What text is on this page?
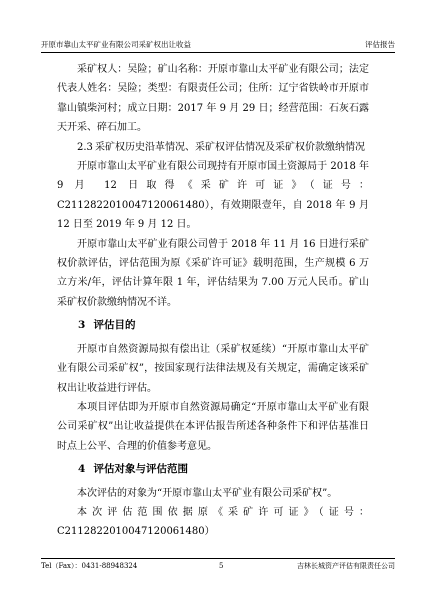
开原市靠山太平矿业有限公司采矿权出让收益	评估报告

采矿权人：吴险；矿山名称：开原市靠山太平矿业有限公司；法定代表人姓名：吴险；类型：有限责任公司；住所：辽宁省铁岭市开原市靠山镇柴河村；成立日期：2017 年 9 月 29 日；经营范围：石灰石露天开采、碎石加工。

2.3 采矿权历史沿革情况、采矿权评估情况及采矿权价款缴纳情况

开原市靠山太平矿业有限公司现持有开原市国土资源局于 2018 年 9 月 12 日取得《采矿许可证》（证号：C2112822010047120061480），有效期限壹年，自 2018 年 9 月 12 日至 2019 年 9 月 12 日。

开原市靠山太平矿业有限公司曾于 2018 年 11 月 16 日进行采矿权价款评估，评估范围为原《采矿许可证》载明范围，生产规模 6 万立方米/年，评估计算年限 1 年，评估结果为 7.00 万元人民币。矿山采矿权价款缴纳情况不详。

3 评估目的

开原市自然资源局拟有偿出让（采矿权延续）“开原市靠山太平矿业有限公司采矿权”，按国家现行法律法规及有关规定，需确定该采矿权出让收益进行评估。

本项目评估即为开原市自然资源局确定“开原市靠山太平矿业有限公司采矿权”出让收益提供在本评估报告所述各种条件下和评估基准日时点上公平、合理的价值参考意见。

4 评估对象与评估范围

本次评估的对象为“开原市靠山太平矿业有限公司采矿权”。

本次评估范围依据原《采矿许可证》（证号：C2112822010047120061480）

Tel（Fax）：0431-88948324	5	吉林长城资产评估有限责任公司
